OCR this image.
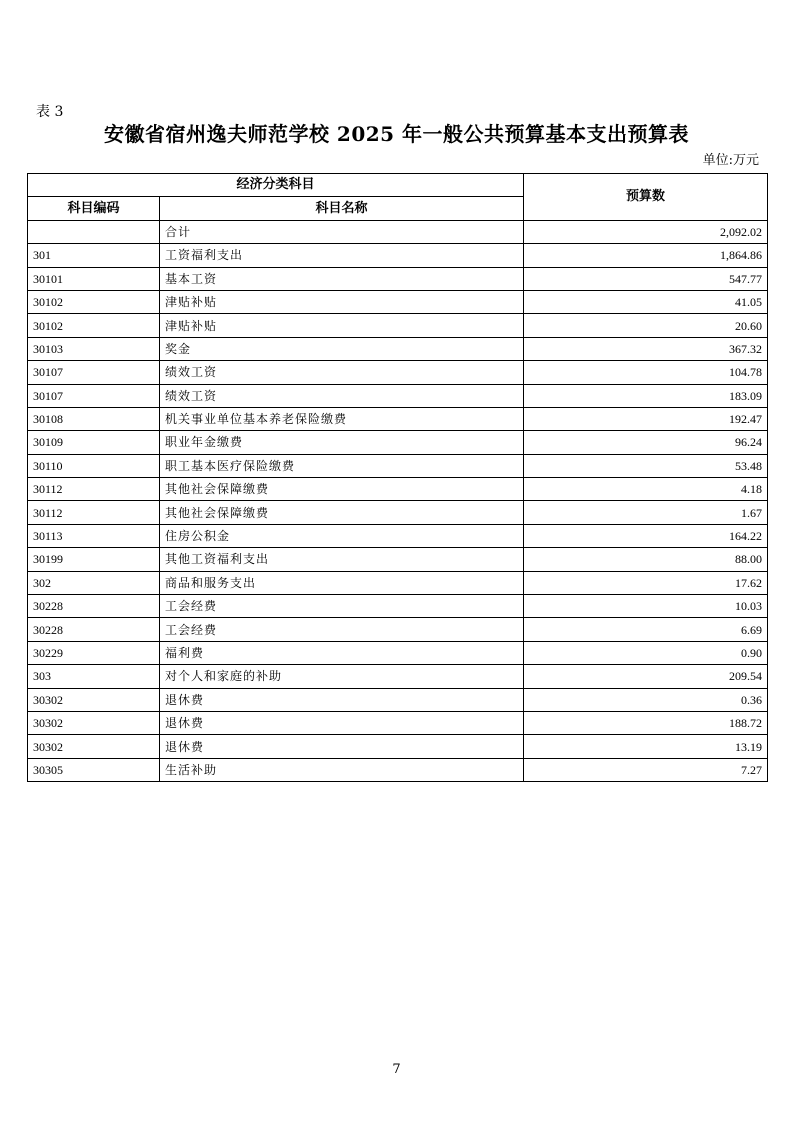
表 3
安徽省宿州逸夫师范学校 2025 年一般公共预算基本支出预算表
单位:万元
经济分类科目		预算数
科目编码	科目名称	
	合计	2,092.02
301	工资福利支出	1,864.86
30101	基本工资	547.77
30102	津贴补贴	41.05
30102	津贴补贴	20.60
30103	奖金	367.32
30107	绩效工资	104.78
30107	绩效工资	183.09
30108	机关事业单位基本养老保险缴费	192.47
30109	职业年金缴费	96.24
30110	职工基本医疗保险缴费	53.48
30112	其他社会保障缴费	4.18
30112	其他社会保障缴费	1.67
30113	住房公积金	164.22
30199	其他工资福利支出	88.00
302	商品和服务支出	17.62
30228	工会经费	10.03
30228	工会经费	6.69
30229	福利费	0.90
303	对个人和家庭的补助	209.54
30302	退休费	0.36
30302	退休费	188.72
30302	退休费	13.19
30305	生活补助	7.27
7
